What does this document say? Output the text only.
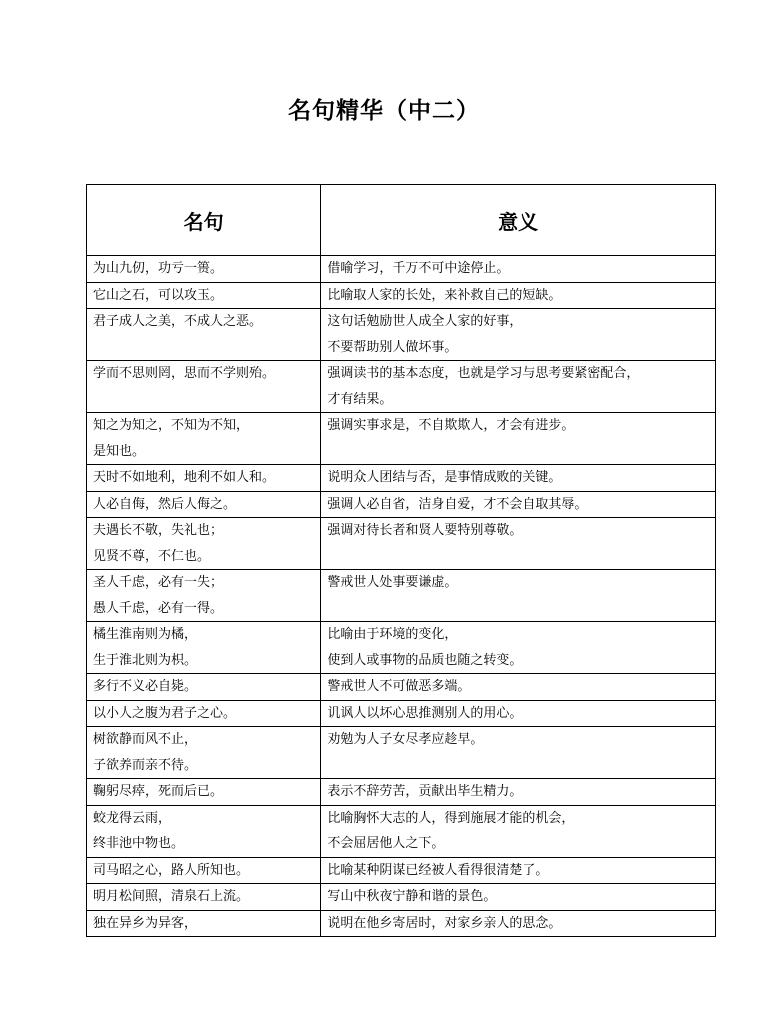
名句精华（中二）
名句	意义

为山九仞，功亏一篑。	借喻学习，千万不可中途停止。

它山之石，可以攻玉。	比喻取人家的长处，来补救自己的短缺。

君子成人之美，不成人之恶。	这句话勉励世人成全人家的好事，
不要帮助别人做坏事。

学而不思则罔，思而不学则殆。	强调读书的基本态度，也就是学习与思考要紧密配合，
才有结果。

知之为知之，不知为不知，
是知也。	强调实事求是，不自欺欺人，才会有进步。

天时不如地利，地利不如人和。	说明众人团结与否，是事情成败的关键。

人必自侮，然后人侮之。	强调人必自省，洁身自爱，才不会自取其辱。

夫遇长不敬，失礼也；
见贤不尊，不仁也。	强调对待长者和贤人要特别尊敬。

圣人千虑，必有一失；
愚人千虑，必有一得。	警戒世人处事要谦虚。

橘生淮南则为橘，
生于淮北则为枳。	比喻由于环境的变化，
使到人或事物的品质也随之转变。

多行不义必自毙。	警戒世人不可做恶多端。

以小人之腹为君子之心。	讥讽人以坏心思推测别人的用心。

树欲静而风不止，
子欲养而亲不待。	劝勉为人子女尽孝应趁早。

鞠躬尽瘁，死而后已。	表示不辞劳苦，贡献出毕生精力。

蛟龙得云雨，
终非池中物也。	比喻胸怀大志的人，得到施展才能的机会，
不会屈居他人之下。

司马昭之心，路人所知也。	比喻某种阴谋已经被人看得很清楚了。

明月松间照，清泉石上流。	写山中秋夜宁静和谐的景色。

独在异乡为异客，	说明在他乡寄居时，对家乡亲人的思念。
